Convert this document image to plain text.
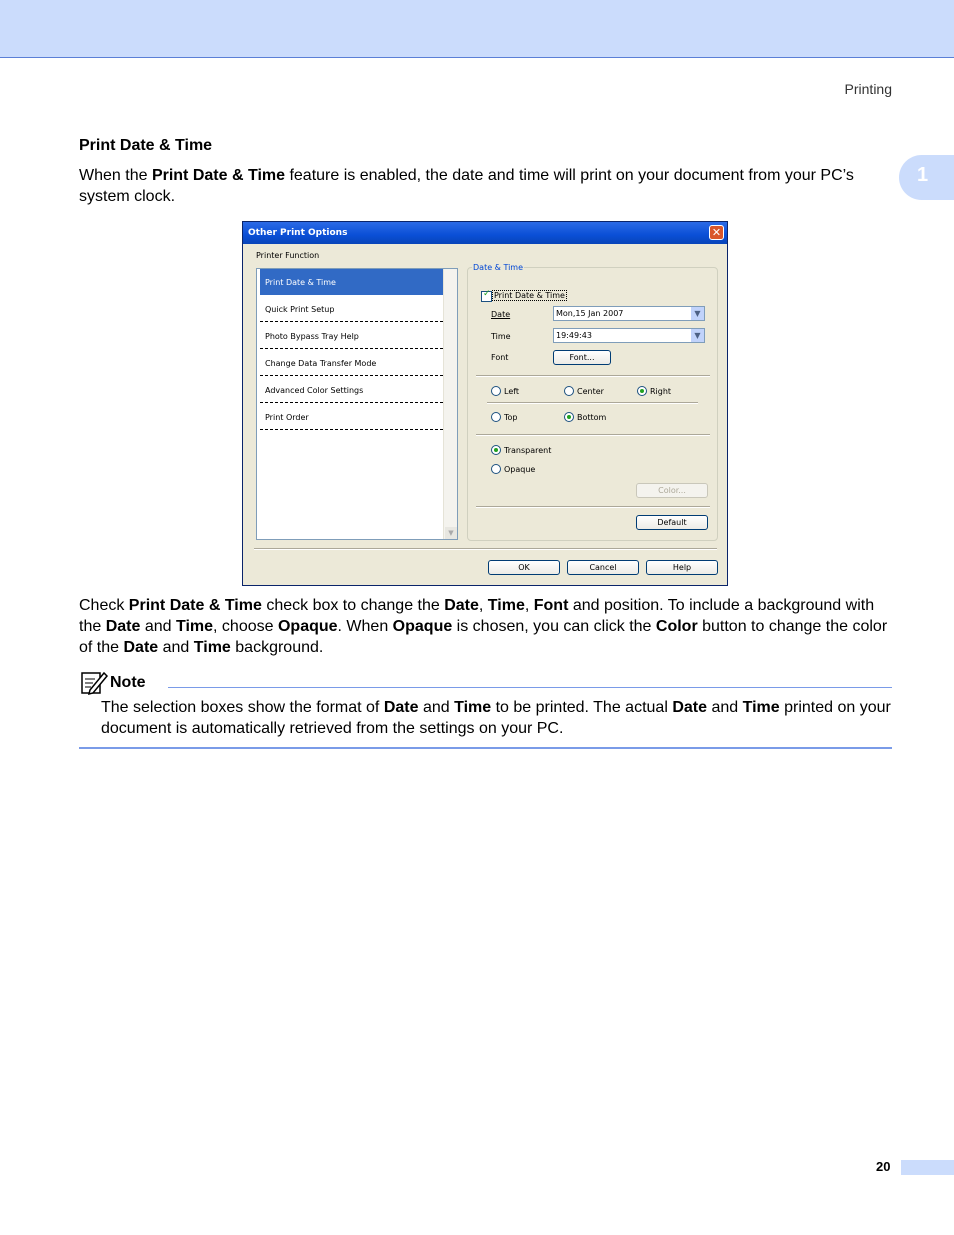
Printing
1
Print Date & Time
When the Print Date & Time feature is enabled, the date and time will print on your document from your PC’s system clock.
Other Print Options	✕
Printer Function
Print Date & Time
Quick Print Setup
Photo Bypass Tray Help
Change Data Transfer Mode
Advanced Color Settings
Print Order
▼
Date & Time
✓
Print Date & Time
Date	Mon,15 Jan 2007	▼
Time	19:49:43	▼
Font	Font...
Left	Center	Right
Top	Bottom
Transparent
Opaque
Color...
Default
OK	Cancel	Help
Check Print Date & Time check box to change the Date, Time, Font and position. To include a background with the Date and Time, choose Opaque. When Opaque is chosen, you can click the Color button to change the color of the Date and Time background.
Note
The selection boxes show the format of Date and Time to be printed. The actual Date and Time printed on your document is automatically retrieved from the settings on your PC.
20
